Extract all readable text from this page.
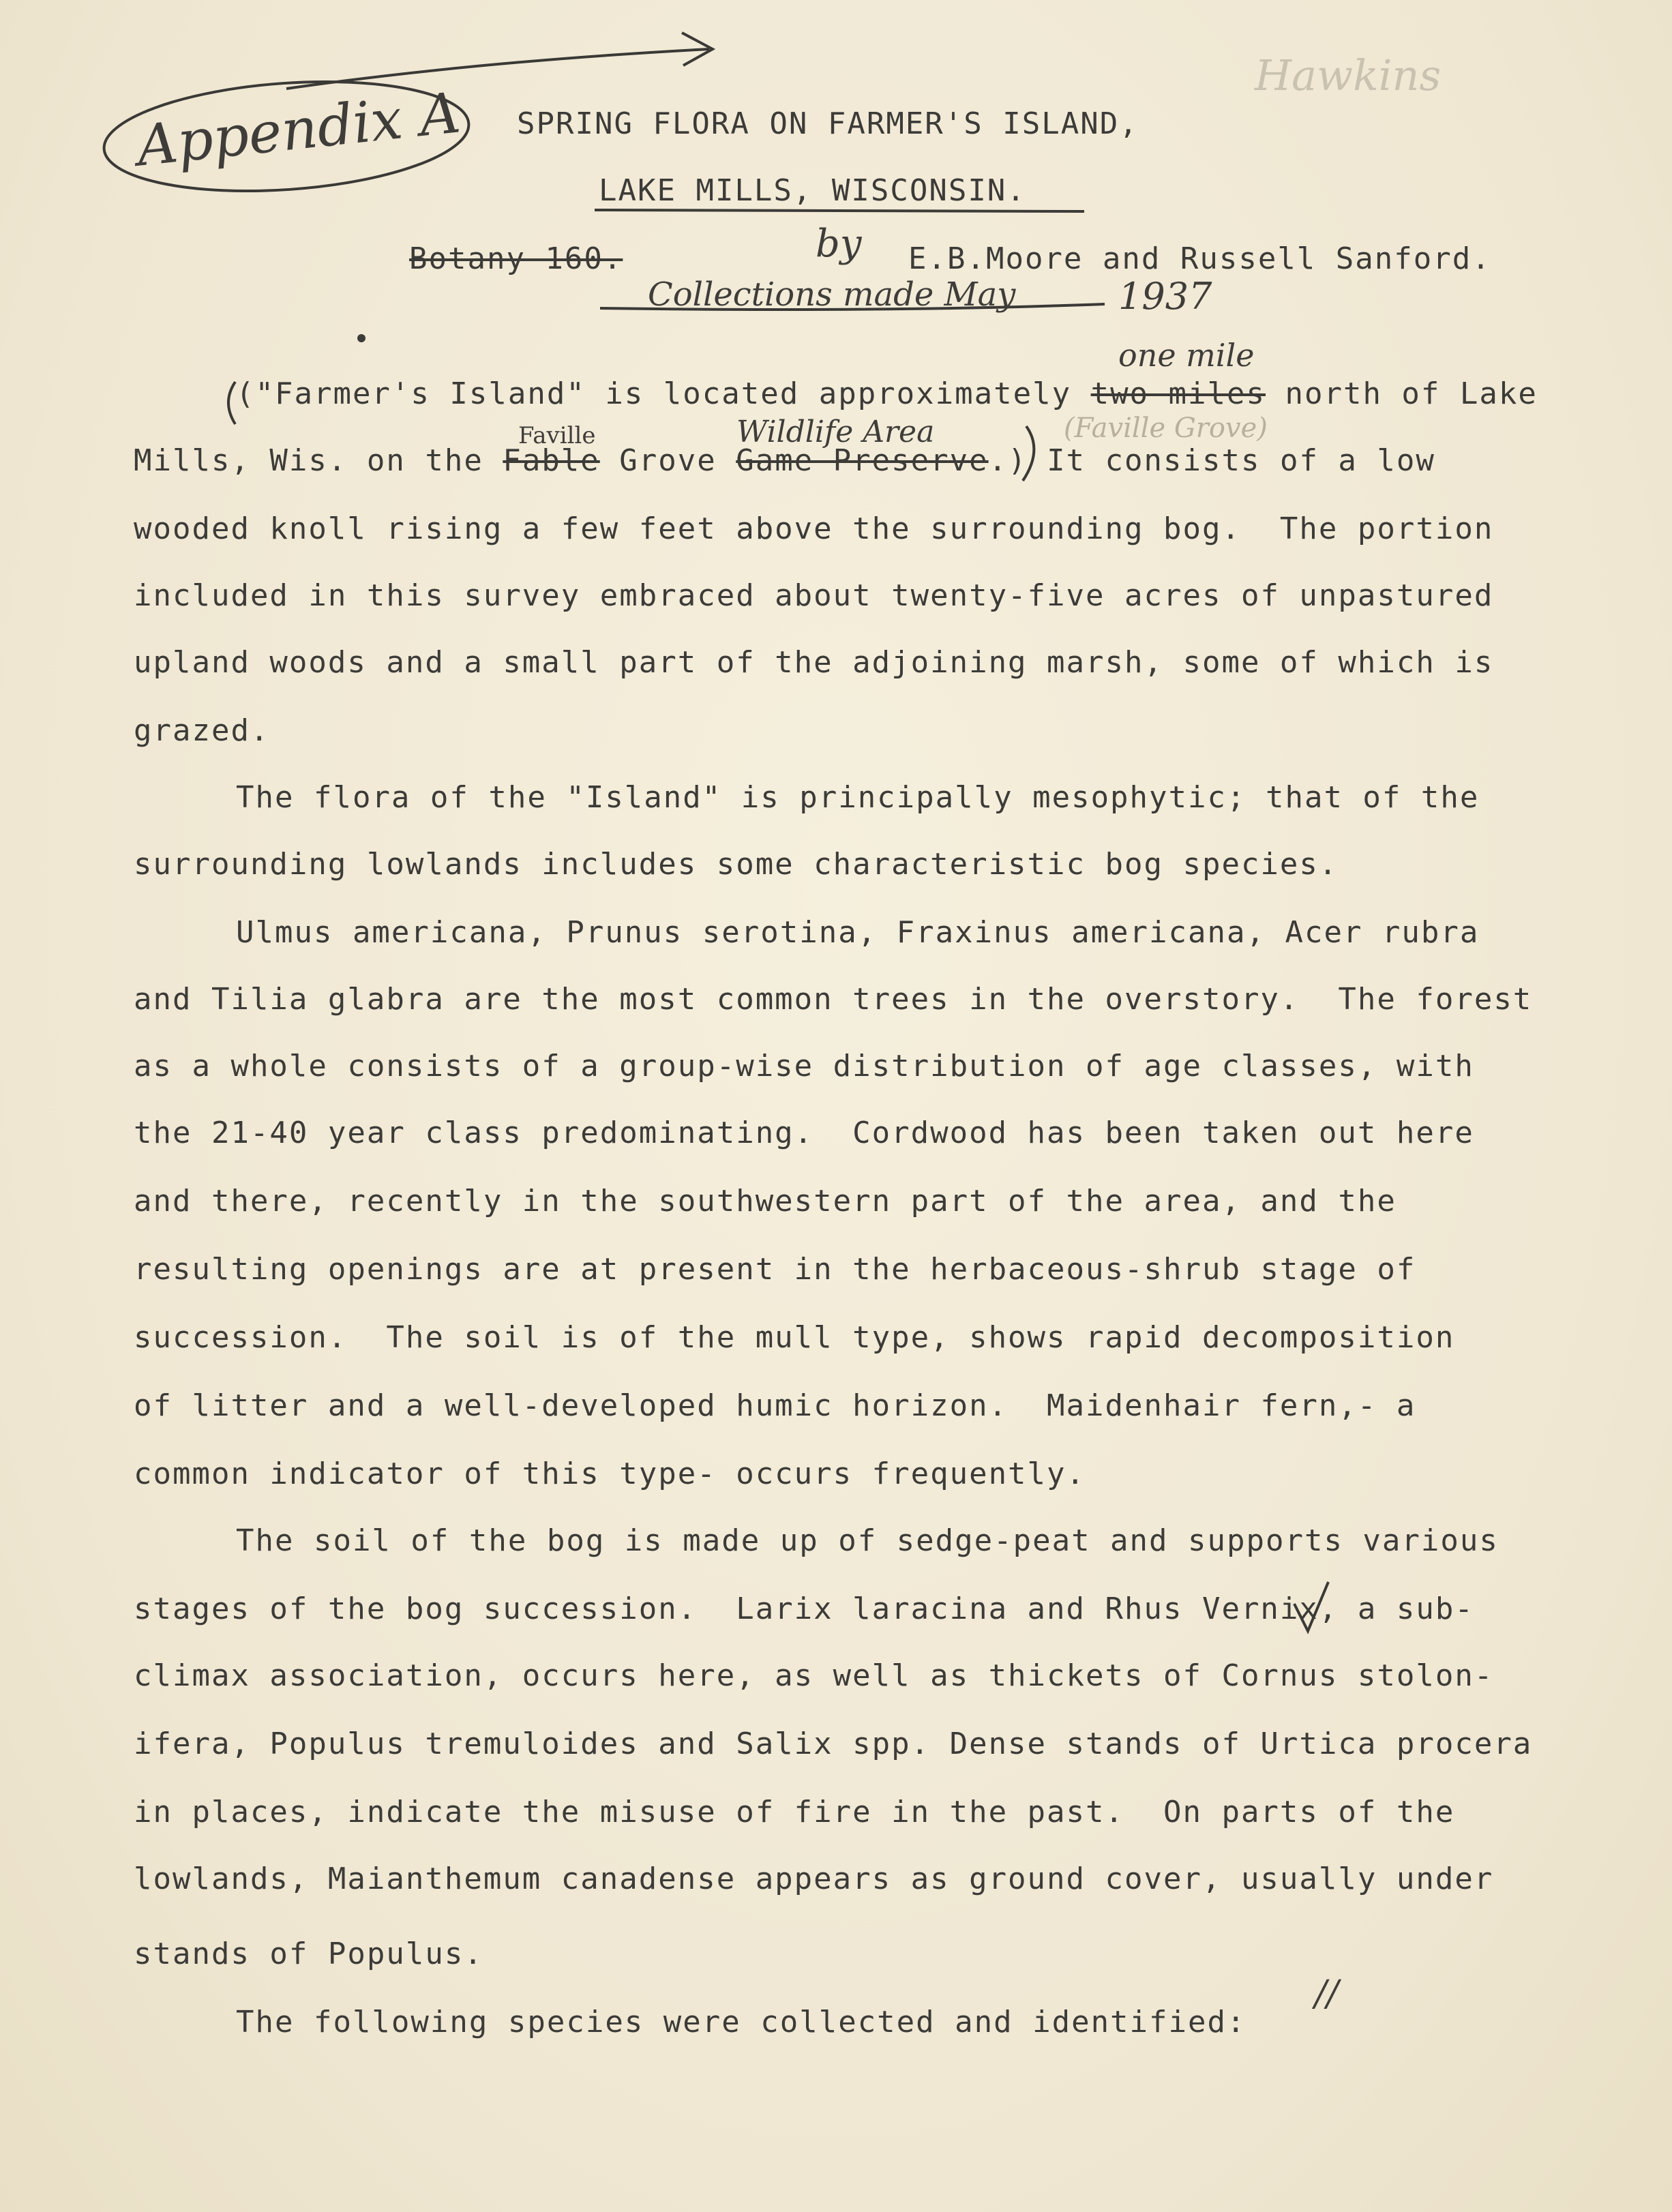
Appendix A
Hawkins
SPRING FLORA ON FARMER'S ISLAND,
LAKE MILLS, WISCONSIN.
Botany 160.	by E.B.Moore and Russell Sanford.
Collections made May	1937
one mile
Faville	Wildlife Area	(Faville Grove)
("Farmer's Island" is located approximately two miles north of Lake
Mills, Wis. on the Fable Grove Game Preserve.) It consists of a low
wooded knoll rising a few feet above the surrounding bog.  The portion
included in this survey embraced about twenty-five acres of unpastured
upland woods and a small part of the adjoining marsh, some of which is
grazed.
The flora of the "Island" is principally mesophytic; that of the
surrounding lowlands includes some characteristic bog species.
Ulmus americana, Prunus serotina, Fraxinus americana, Acer rubra
and Tilia glabra are the most common trees in the overstory.  The forest
as a whole consists of a group-wise distribution of age classes, with
the 21-40 year class predominating.  Cordwood has been taken out here
and there, recently in the southwestern part of the area, and the
resulting openings are at present in the herbaceous-shrub stage of
succession.  The soil is of the mull type, shows rapid decomposition
of litter and a well-developed humic horizon.  Maidenhair fern,- a
common indicator of this type- occurs frequently.
The soil of the bog is made up of sedge-peat and supports various
stages of the bog succession.  Larix laracina and Rhus Vernix, a sub-
climax association, occurs here, as well as thickets of Cornus stolon-
ifera, Populus tremuloides and Salix spp. Dense stands of Urtica procera
in places, indicate the misuse of fire in the past.  On parts of the
lowlands, Maianthemum canadense appears as ground cover, usually under
stands of Populus.
The following species were collected and identified:
//
